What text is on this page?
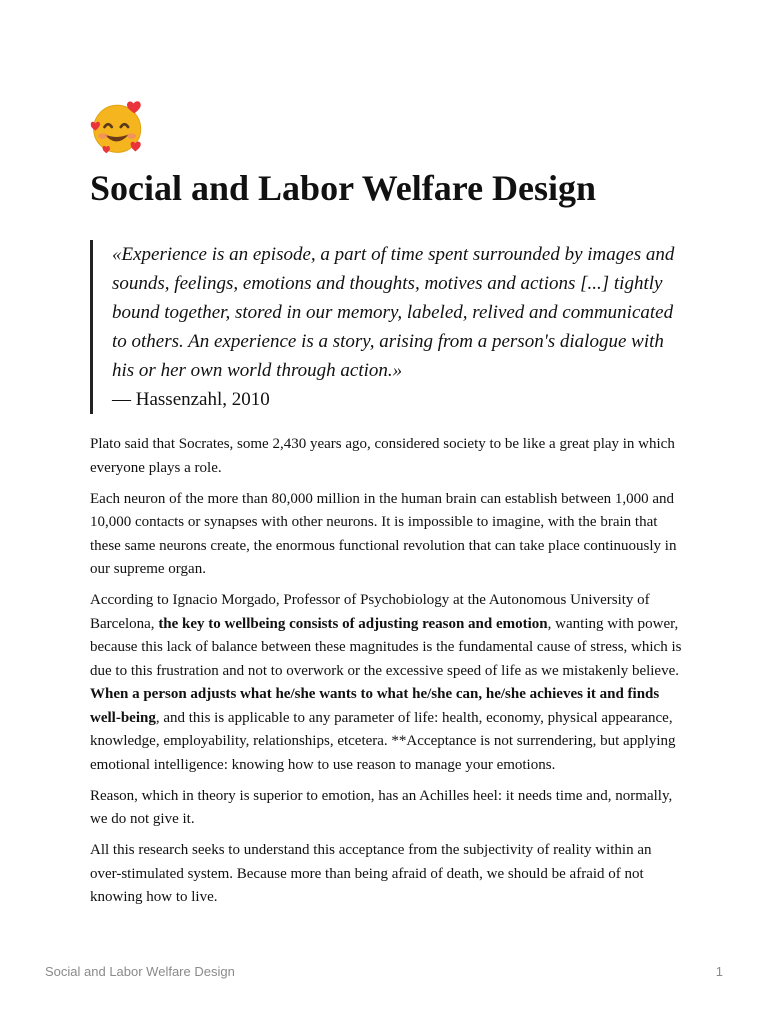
Social and Labor Welfare Design

«Experience is an episode, a part of time spent surrounded by images and sounds, feelings, emotions and thoughts, motives and actions [...] tightly bound together, stored in our memory, labeled, relived and communicated to others. An experience is a story, arising from a person's dialogue with his or her own world through action.»

— Hassenzahl, 2010

Plato said that Socrates, some 2,430 years ago, considered society to be like a great play in which everyone plays a role.

Each neuron of the more than 80,000 million in the human brain can establish between 1,000 and 10,000 contacts or synapses with other neurons. It is impossible to imagine, with the brain that these same neurons create, the enormous functional revolution that can take place continuously in our supreme organ.

According to Ignacio Morgado, Professor of Psychobiology at the Autonomous University of Barcelona, the key to wellbeing consists of adjusting reason and emotion, wanting with power, because this lack of balance between these magnitudes is the fundamental cause of stress, which is due to this frustration and not to overwork or the excessive speed of life as we mistakenly believe. When a person adjusts what he/she wants to what he/she can, he/she achieves it and finds well-being, and this is applicable to any parameter of life: health, economy, physical appearance, knowledge, employability, relationships, etcetera. **Acceptance is not surrendering, but applying emotional intelligence: knowing how to use reason to manage your emotions.

Reason, which in theory is superior to emotion, has an Achilles heel: it needs time and, normally, we do not give it.

All this research seeks to understand this acceptance from the subjectivity of reality within an over-stimulated system. Because more than being afraid of death, we should be afraid of not knowing how to live.

Social and Labor Welfare Design	1
